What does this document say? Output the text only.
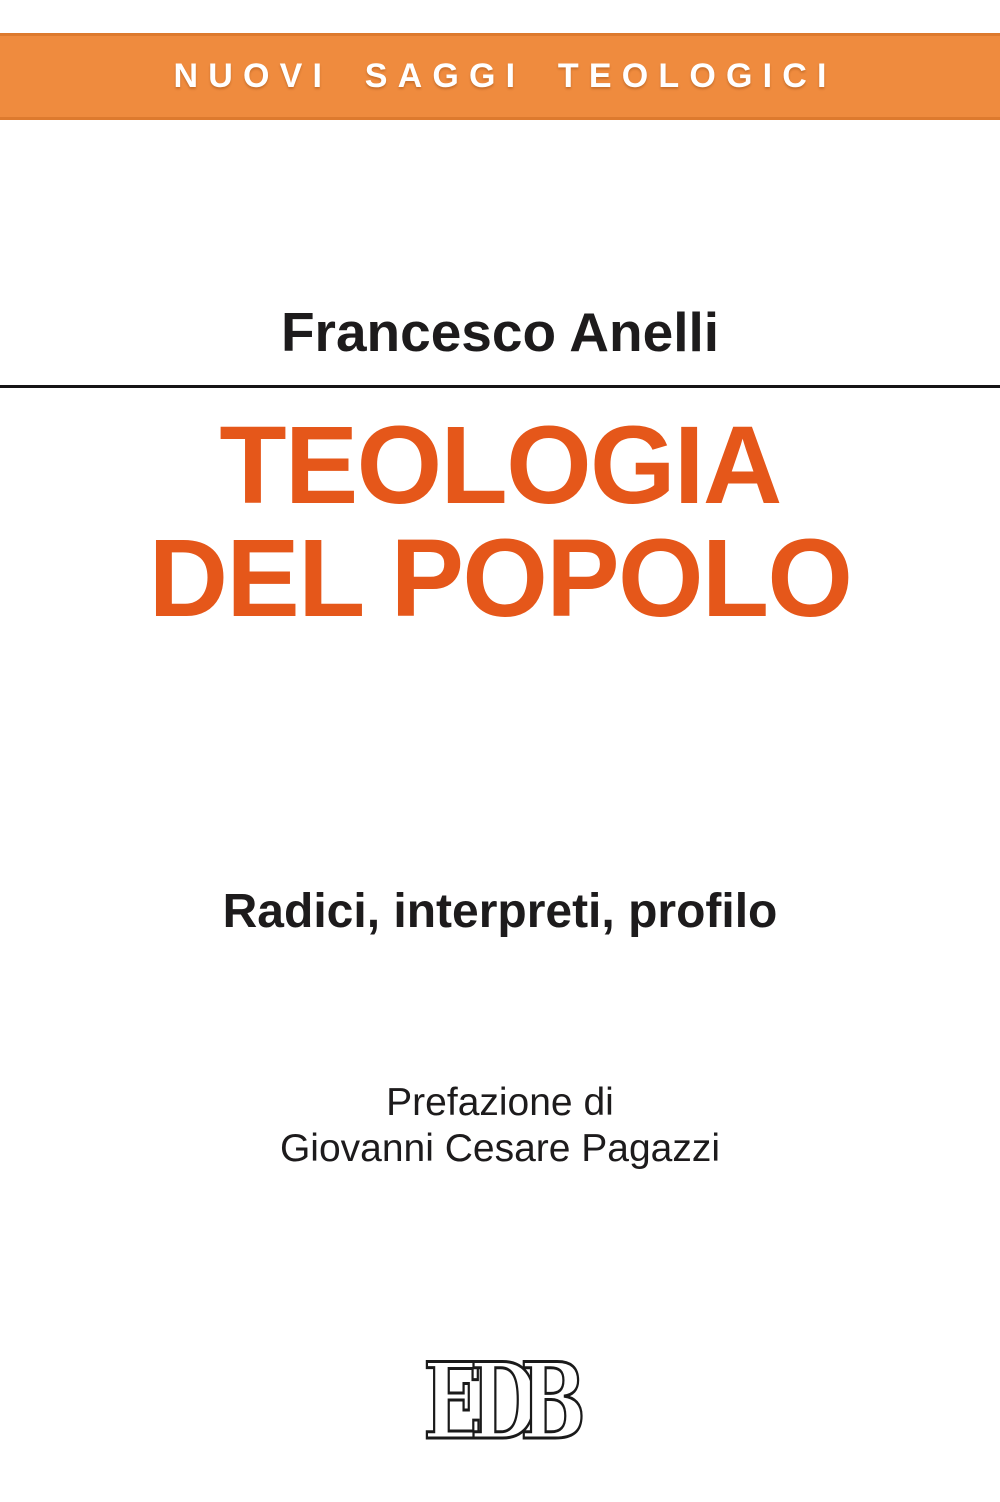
NUOVI SAGGI TEOLOGICI
Francesco Anelli
TEOLOGIA
DEL POPOLO
Radici, interpreti, profilo
Prefazione di
Giovanni Cesare Pagazzi
E
D
B
